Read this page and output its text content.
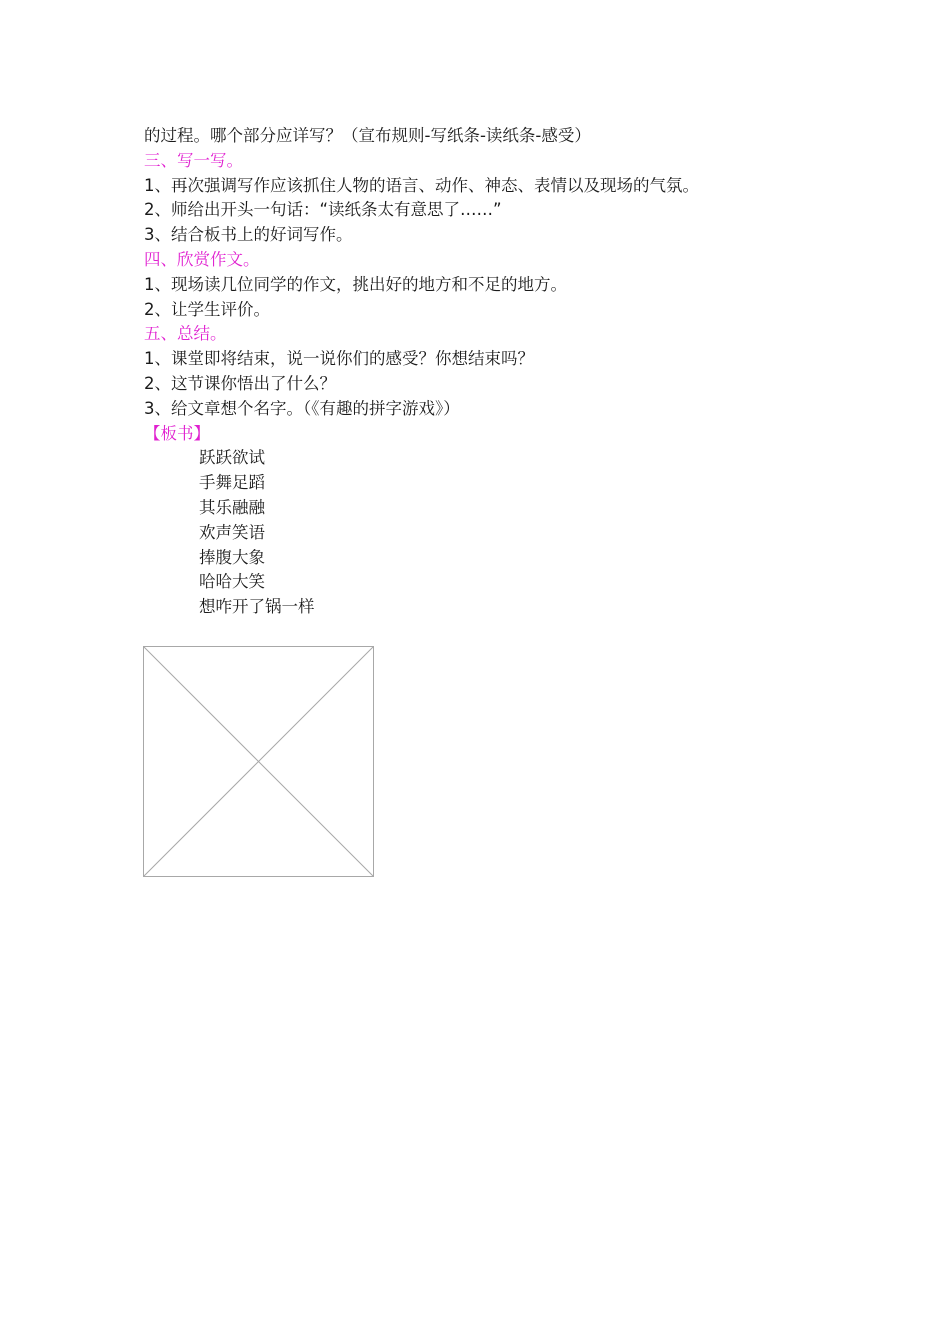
的过程。哪个部分应详写？（宣布规则-写纸条-读纸条-感受）
三、写一写。
1、再次强调写作应该抓住人物的语言、动作、神态、表情以及现场的气氛。
2、师给出开头一句话：“读纸条太有意思了……”
3、结合板书上的好词写作。
四、欣赏作文。
1、现场读几位同学的作文，挑出好的地方和不足的地方。
2、让学生评价。
五、总结。
1、课堂即将结束，说一说你们的感受？你想结束吗？
2、这节课你悟出了什么？
3、给文章想个名字。（《有趣的拼字游戏》）
【板书】
跃跃欲试
手舞足蹈
其乐融融
欢声笑语
捧腹大象
哈哈大笑
想咋开了锅一样
